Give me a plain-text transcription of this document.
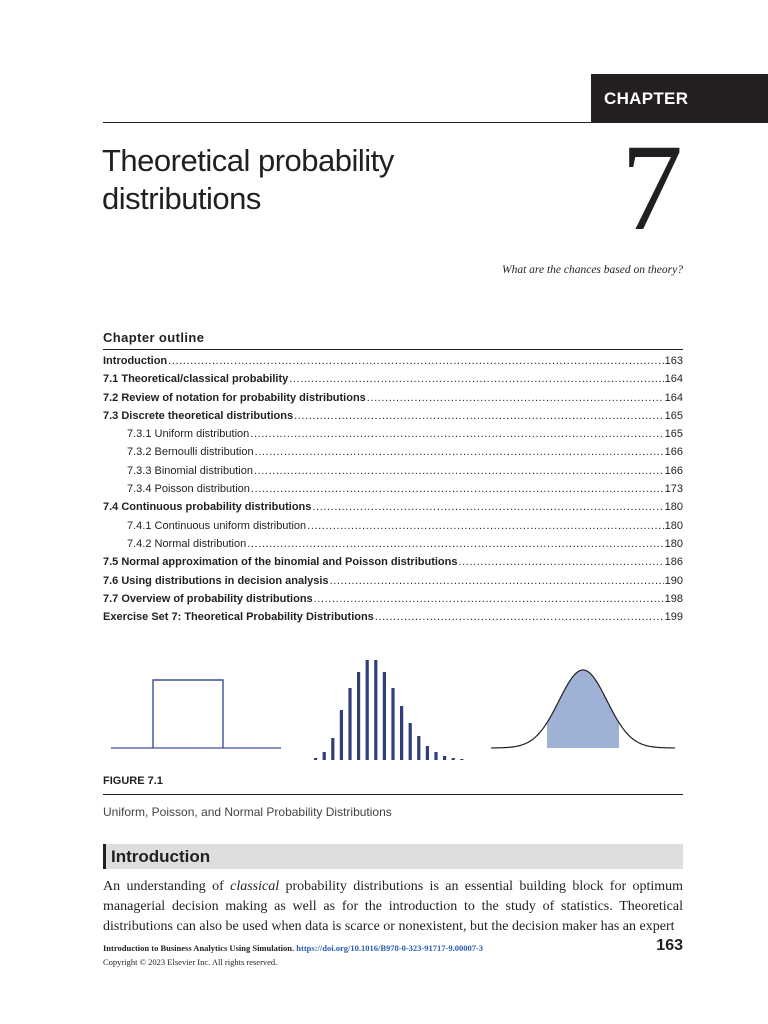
CHAPTER
Theoretical probability distributions	7
What are the chances based on theory?
Chapter outline
Introduction .....	163
7.1 Theoretical/classical probability .....	164
7.2 Review of notation for probability distributions .....	164
7.3 Discrete theoretical distributions .....	165
7.3.1 Uniform distribution .....	165
7.3.2 Bernoulli distribution .....	166
7.3.3 Binomial distribution .....	166
7.3.4 Poisson distribution .....	173
7.4 Continuous probability distributions .....	180
7.4.1 Continuous uniform distribution .....	180
7.4.2 Normal distribution .....	180
7.5 Normal approximation of the binomial and Poisson distributions .....	186
7.6 Using distributions in decision analysis .....	190
7.7 Overview of probability distributions .....	198
Exercise Set 7: Theoretical Probability Distributions .....	199
FIGURE 7.1
Uniform, Poisson, and Normal Probability Distributions
Introduction

An understanding of classical probability distributions is an essential building block for optimum managerial decision making as well as for the introduction to the study of statistics. Theoretical distributions can also be used when data is scarce or nonexistent, but the decision maker has an expert

Introduction to Business Analytics Using Simulation. https://doi.org/10.1016/B978-0-323-91717-9.00007-3
Copyright © 2023 Elsevier Inc. All rights reserved.
163
